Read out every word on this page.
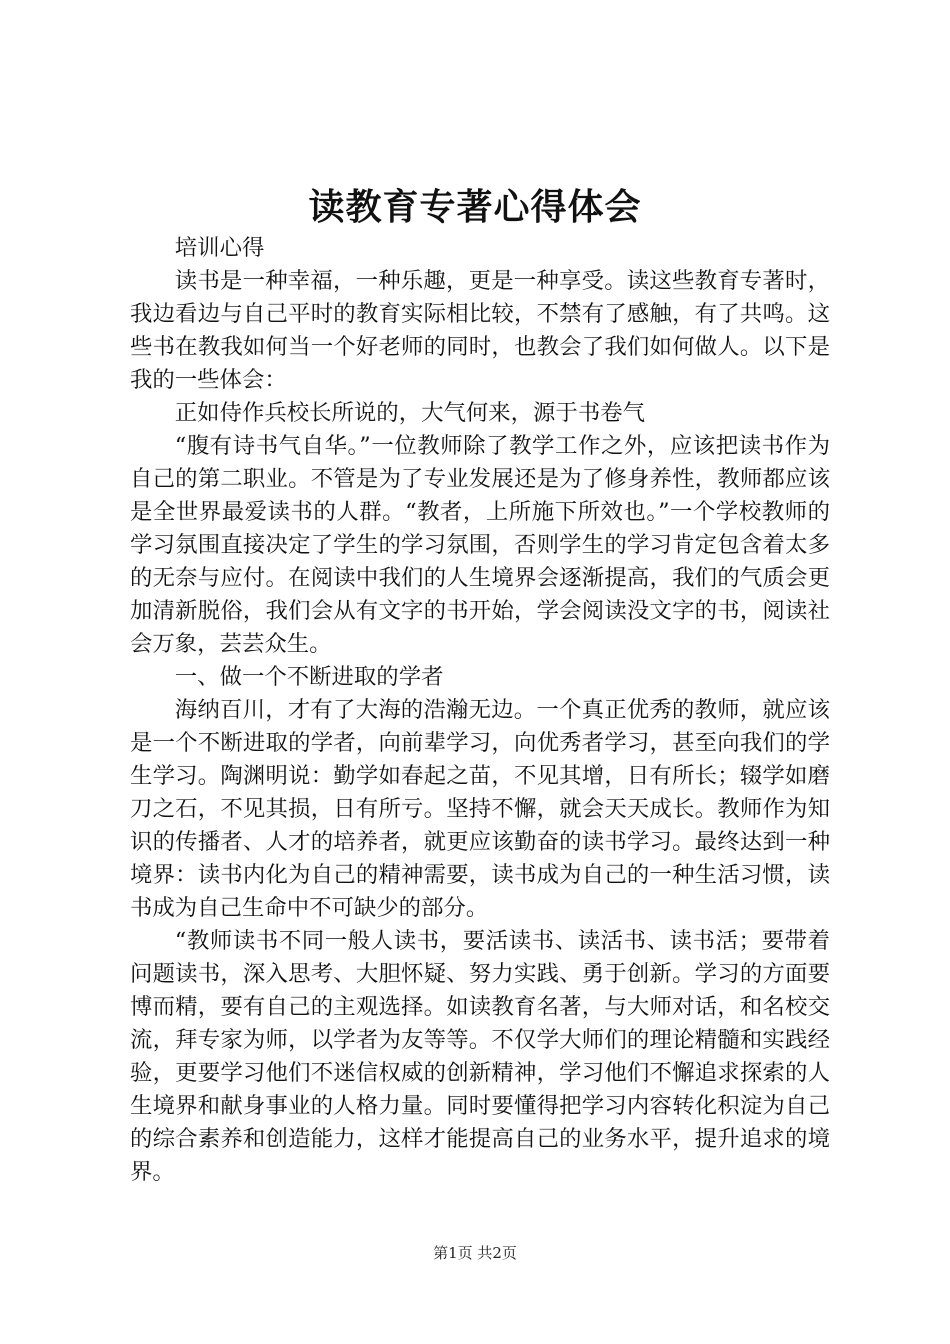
读教育专著心得体会

培训心得

读书是一种幸福，一种乐趣，更是一种享受。读这些教育专著时，我边看边与自己平时的教育实际相比较，不禁有了感触，有了共鸣。这些书在教我如何当一个好老师的同时，也教会了我们如何做人。以下是我的一些体会：

正如侍作兵校长所说的，大气何来，源于书卷气

“腹有诗书气自华。”一位教师除了教学工作之外，应该把读书作为自己的第二职业。不管是为了专业发展还是为了修身养性，教师都应该是全世界最爱读书的人群。“教者，上所施下所效也。”一个学校教师的学习氛围直接决定了学生的学习氛围，否则学生的学习肯定包含着太多的无奈与应付。在阅读中我们的人生境界会逐渐提高，我们的气质会更加清新脱俗，我们会从有文字的书开始，学会阅读没文字的书，阅读社会万象，芸芸众生。

一、做一个不断进取的学者

海纳百川，才有了大海的浩瀚无边。一个真正优秀的教师，就应该是一个不断进取的学者，向前辈学习，向优秀者学习，甚至向我们的学生学习。陶渊明说：勤学如春起之苗，不见其增，日有所长；辍学如磨刀之石，不见其损，日有所亏。坚持不懈，就会天天成长。教师作为知识的传播者、人才的培养者，就更应该勤奋的读书学习。最终达到一种境界：读书内化为自己的精神需要，读书成为自己的一种生活习惯，读书成为自己生命中不可缺少的部分。

“教师读书不同一般人读书，要活读书、读活书、读书活；要带着问题读书，深入思考、大胆怀疑、努力实践、勇于创新。学习的方面要博而精，要有自己的主观选择。如读教育名著，与大师对话，和名校交流，拜专家为师，以学者为友等等。不仅学大师们的理论精髓和实践经验，更要学习他们不迷信权威的创新精神，学习他们不懈追求探索的人生境界和献身事业的人格力量。同时要懂得把学习内容转化积淀为自己的综合素养和创造能力，这样才能提高自己的业务水平，提升追求的境界。

第1页 共2页
